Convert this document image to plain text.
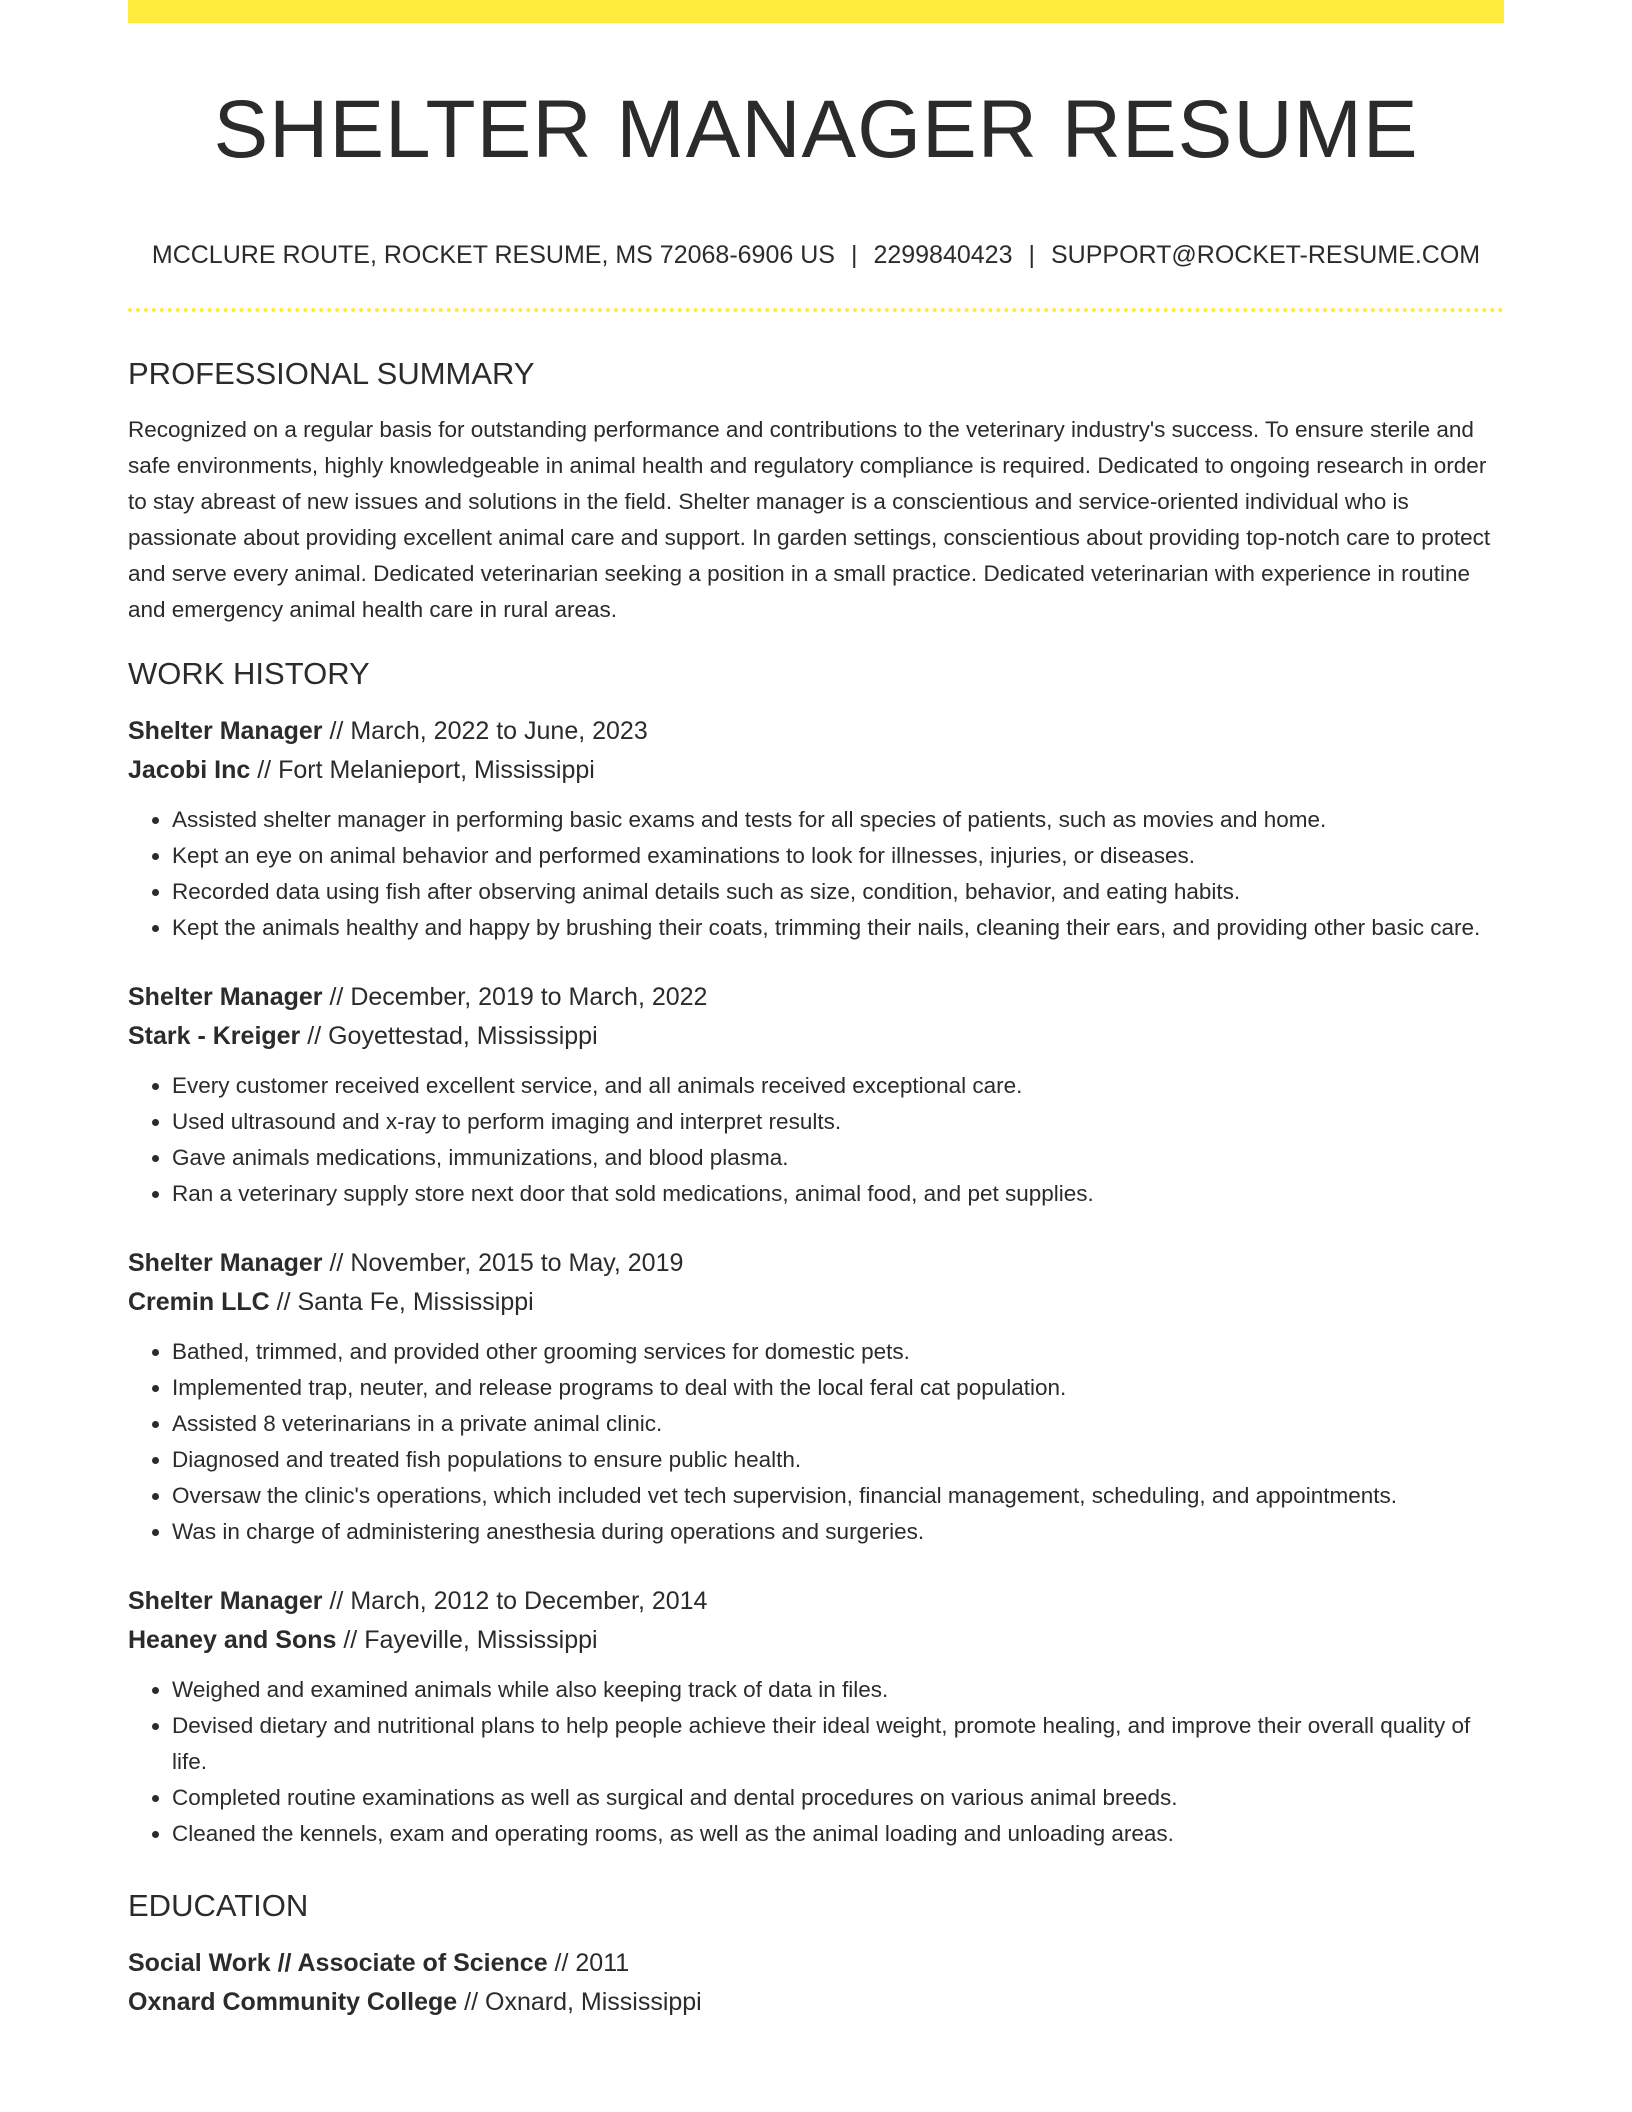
SHELTER MANAGER RESUME
MCCLURE ROUTE, ROCKET RESUME, MS 72068-6906 US | 2299840423 | SUPPORT@ROCKET-RESUME.COM
PROFESSIONAL SUMMARY

Recognized on a regular basis for outstanding performance and contributions to the veterinary industry's success. To ensure sterile and safe environments, highly knowledgeable in animal health and regulatory compliance is required. Dedicated to ongoing research in order to stay abreast of new issues and solutions in the field. Shelter manager is a conscientious and service-oriented individual who is passionate about providing excellent animal care and support. In garden settings, conscientious about providing top-notch care to protect and serve every animal. Dedicated veterinarian seeking a position in a small practice. Dedicated veterinarian with experience in routine and emergency animal health care in rural areas.

WORK HISTORY
Shelter Manager // March, 2022 to June, 2023
Jacobi Inc // Fort Melanieport, Mississippi
• Assisted shelter manager in performing basic exams and tests for all species of patients, such as movies and home.
• Kept an eye on animal behavior and performed examinations to look for illnesses, injuries, or diseases.
• Recorded data using fish after observing animal details such as size, condition, behavior, and eating habits.
• Kept the animals healthy and happy by brushing their coats, trimming their nails, cleaning their ears, and providing other basic care.
Shelter Manager // December, 2019 to March, 2022
Stark - Kreiger // Goyettestad, Mississippi
• Every customer received excellent service, and all animals received exceptional care.
• Used ultrasound and x-ray to perform imaging and interpret results.
• Gave animals medications, immunizations, and blood plasma.
• Ran a veterinary supply store next door that sold medications, animal food, and pet supplies.
Shelter Manager // November, 2015 to May, 2019
Cremin LLC // Santa Fe, Mississippi
• Bathed, trimmed, and provided other grooming services for domestic pets.
• Implemented trap, neuter, and release programs to deal with the local feral cat population.
• Assisted 8 veterinarians in a private animal clinic.
• Diagnosed and treated fish populations to ensure public health.
• Oversaw the clinic's operations, which included vet tech supervision, financial management, scheduling, and appointments.
• Was in charge of administering anesthesia during operations and surgeries.
Shelter Manager // March, 2012 to December, 2014
Heaney and Sons // Fayeville, Mississippi
• Weighed and examined animals while also keeping track of data in files.
• Devised dietary and nutritional plans to help people achieve their ideal weight, promote healing, and improve their overall quality of life.
• Completed routine examinations as well as surgical and dental procedures on various animal breeds.
• Cleaned the kennels, exam and operating rooms, as well as the animal loading and unloading areas.
EDUCATION
Social Work // Associate of Science // 2011
Oxnard Community College // Oxnard, Mississippi
